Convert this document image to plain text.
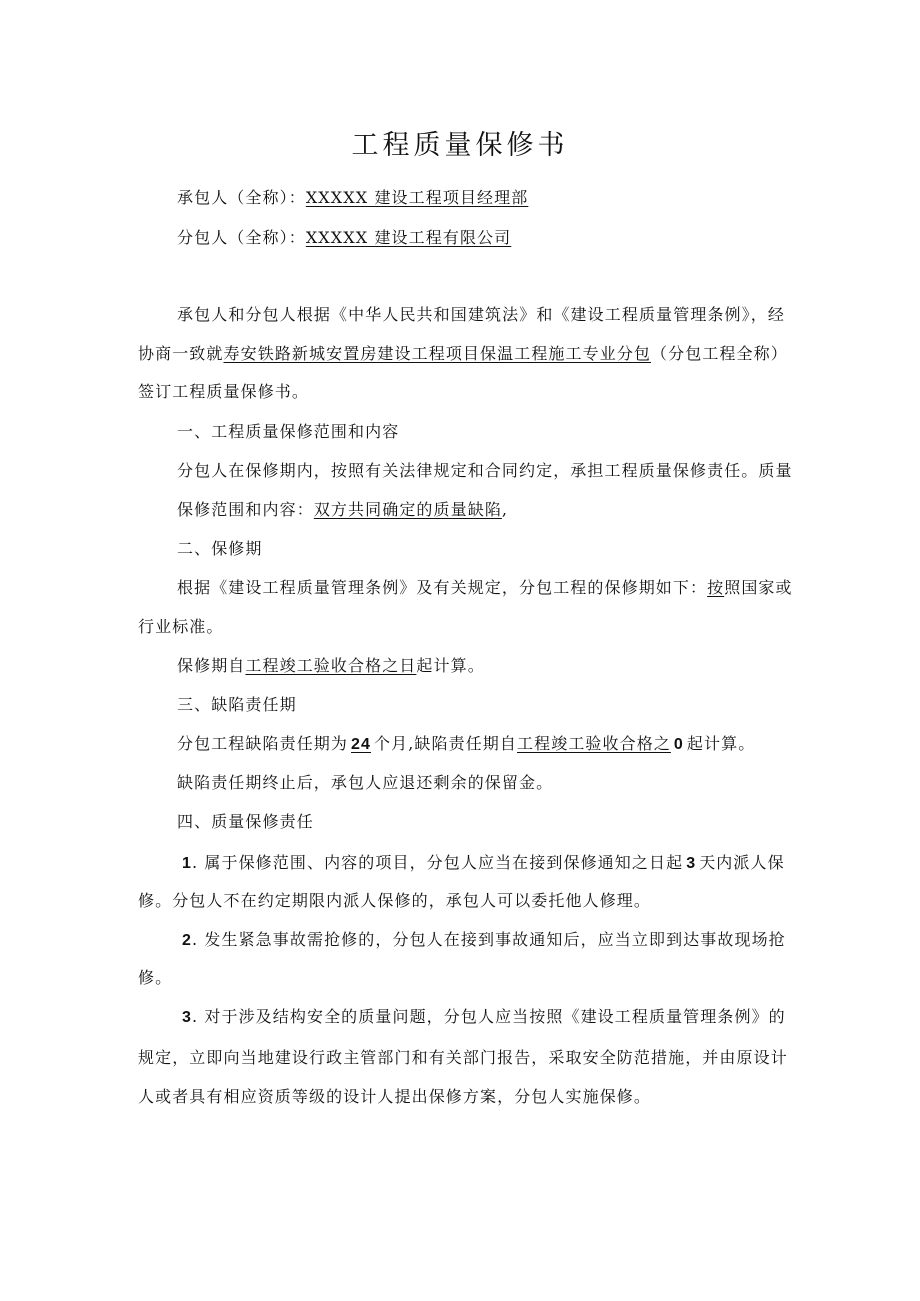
工程质量保修书
承包人（全称）：XXXXX 建设工程项目经理部
分包人（全称）：XXXXX 建设工程有限公司
承包人和分包人根据《中华人民共和国建筑法》和《建设工程质量管理条例》，经
协商一致就寿安铁路新城安置房建设工程项目保温工程施工专业分包（分包工程全称）
签订工程质量保修书。
一、工程质量保修范围和内容
分包人在保修期内，按照有关法律规定和合同约定，承担工程质量保修责任。质量
保修范围和内容：双方共同确定的质量缺陷,
二、保修期
根据《建设工程质量管理条例》及有关规定，分包工程的保修期如下：按照国家或
行业标准。
保修期自工程竣工验收合格之日起计算。
三、缺陷责任期
分包工程缺陷责任期为 24 个月,缺陷责任期自工程竣工验收合格之 0 起计算。
缺陷责任期终止后，承包人应退还剩余的保留金。
四、质量保修责任
1. 属于保修范围、内容的项目，分包人应当在接到保修通知之日起 3 天内派人保
修。分包人不在约定期限内派人保修的，承包人可以委托他人修理。
2. 发生紧急事故需抢修的，分包人在接到事故通知后，应当立即到达事故现场抢
修。
3. 对于涉及结构安全的质量问题，分包人应当按照《建设工程质量管理条例》的
规定，立即向当地建设行政主管部门和有关部门报告，采取安全防范措施，并由原设计
人或者具有相应资质等级的设计人提出保修方案，分包人实施保修。
